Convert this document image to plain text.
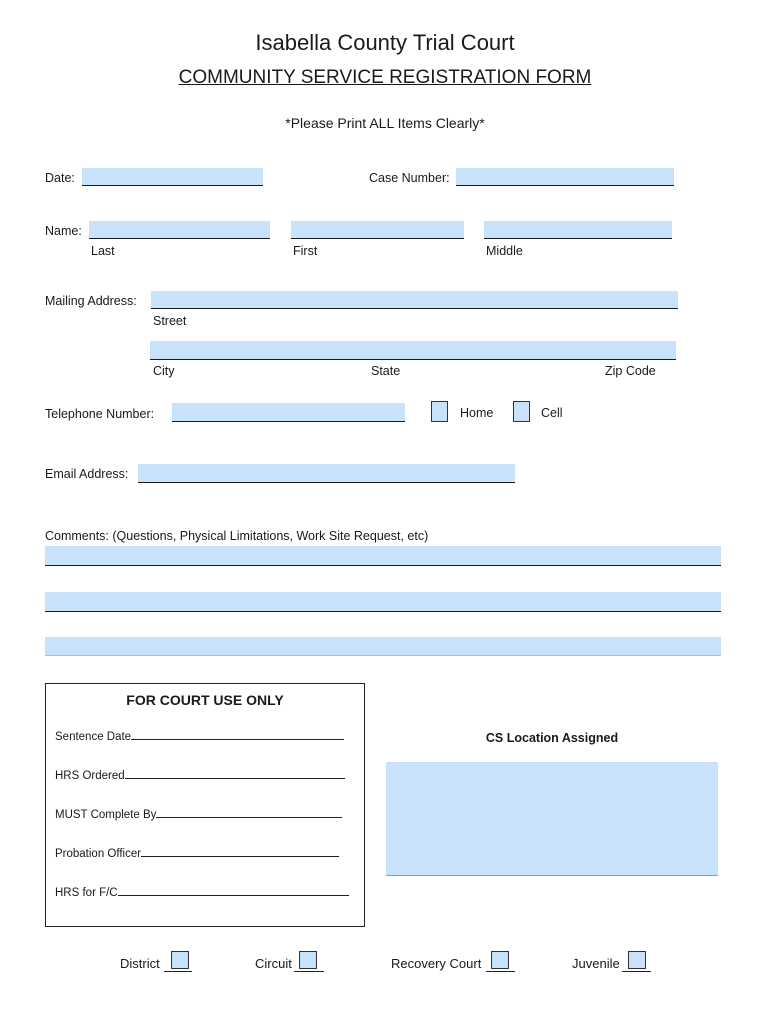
Isabella County Trial Court
COMMUNITY SERVICE REGISTRATION FORM
*Please Print ALL Items Clearly*
Date:	Case Number:
Name:
Last	First	Middle
Mailing Address:
Street
City	State	Zip Code
Telephone Number:	Home	Cell
Email Address:
Comments: (Questions, Physical Limitations, Work Site Request, etc)
FOR COURT USE ONLY
Sentence Date
HRS Ordered
MUST Complete By
Probation Officer
HRS for F/C
CS Location Assigned
District	Circuit	Recovery Court	Juvenile
